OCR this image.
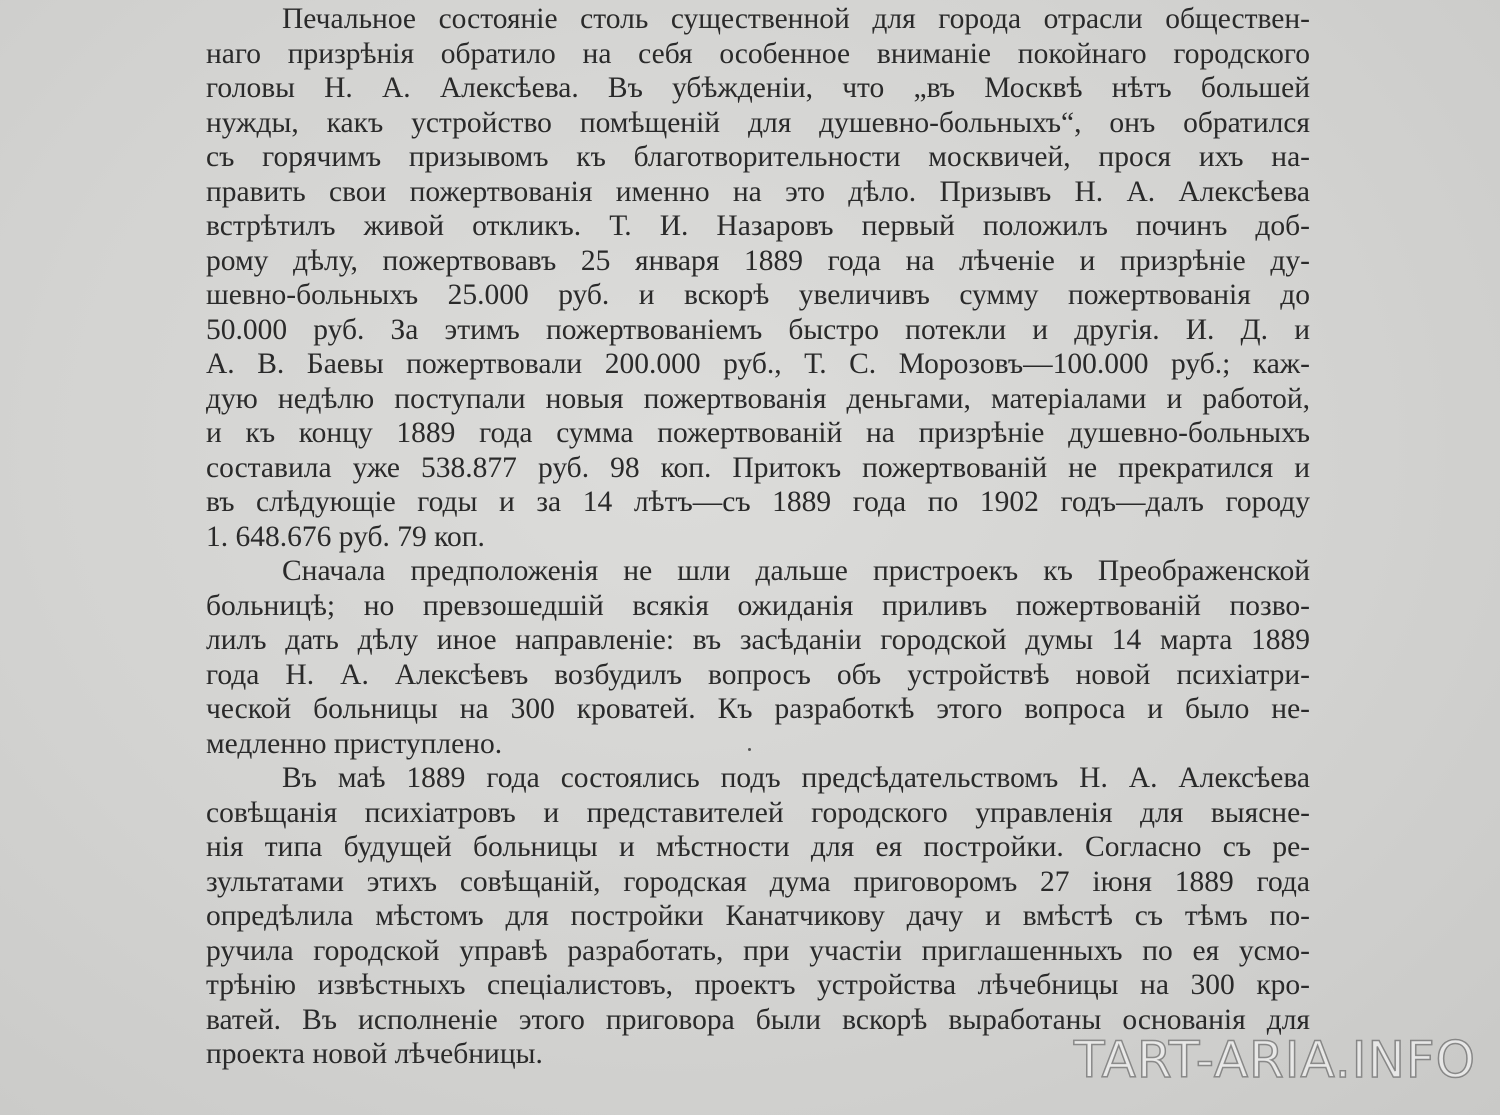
Печальное состоянiе столь существенной для города отрасли обществен-
наго призрѣнiя обратило на себя особенное вниманiе покойнаго городского
головы Н. А. Алексѣева. Въ убѣжденiи, что „въ Москвѣ нѣтъ большей
нужды, какъ устройство помѣщенiй для душевно-больныхъ“, онъ обратился
съ горячимъ призывомъ къ благотворительности москвичей, прося ихъ на-
править свои пожертвованiя именно на это дѣло. Призывъ Н. А. Алексѣева
встрѣтилъ живой откликъ. Т. И. Назаровъ первый положилъ починъ доб-
рому дѣлу, пожертвовавъ 25 января 1889 года на лѣченiе и призрѣнiе ду-
шевно-больныхъ 25.000 руб. и вскорѣ увеличивъ сумму пожертвованiя до
50.000 руб. За этимъ пожертвованiемъ быстро потекли и другiя. И. Д. и
А. В. Баевы пожертвовали 200.000 руб., Т. С. Морозовъ—100.000 руб.; каж-
дую недѣлю поступали новыя пожертвованiя деньгами, матерiалами и работой,
и къ концу 1889 года сумма пожертвованiй на призрѣнiе душевно-больныхъ
составила уже 538.877 руб. 98 коп. Притокъ пожертвованiй не прекратился и
въ слѣдующiе годы и за 14 лѣтъ—съ 1889 года по 1902 годъ—далъ городу
1. 648.676 руб. 79 коп.

Сначала предположенiя не шли дальше пристроекъ къ Преображенской
больницѣ; но превзошедшiй всякiя ожиданiя приливъ пожертвованiй позво-
лилъ дать дѣлу иное направленiе: въ засѣданiи городской думы 14 марта 1889
года Н. А. Алексѣевъ возбудилъ вопросъ объ устройствѣ новой психiатри-
ческой больницы на 300 кроватей. Къ разработкѣ этого вопроса и было не-
медленно приступлено.

Въ маѣ 1889 года состоялись подъ предсѣдательствомъ Н. А. Алексѣева
совѣщанiя психiатровъ и представителей городского управленiя для выясне-
нiя типа будущей больницы и мѣстности для ея постройки. Согласно съ ре-
зультатами этихъ совѣщанiй, городская дума приговоромъ 27 iюня 1889 года
опредѣлила мѣстомъ для постройки Канатчикову дачу и вмѣстѣ съ тѣмъ по-
ручила городской управѣ разработать, при участiи приглашенныхъ по ея усмо-
трѣнiю извѣстныхъ спецiалистовъ, проектъ устройства лѣчебницы на 300 кро-
ватей. Въ исполненiе этого приговора были вскорѣ выработаны основанiя для
проекта новой лѣчебницы.	TART-ARIA.INFO
